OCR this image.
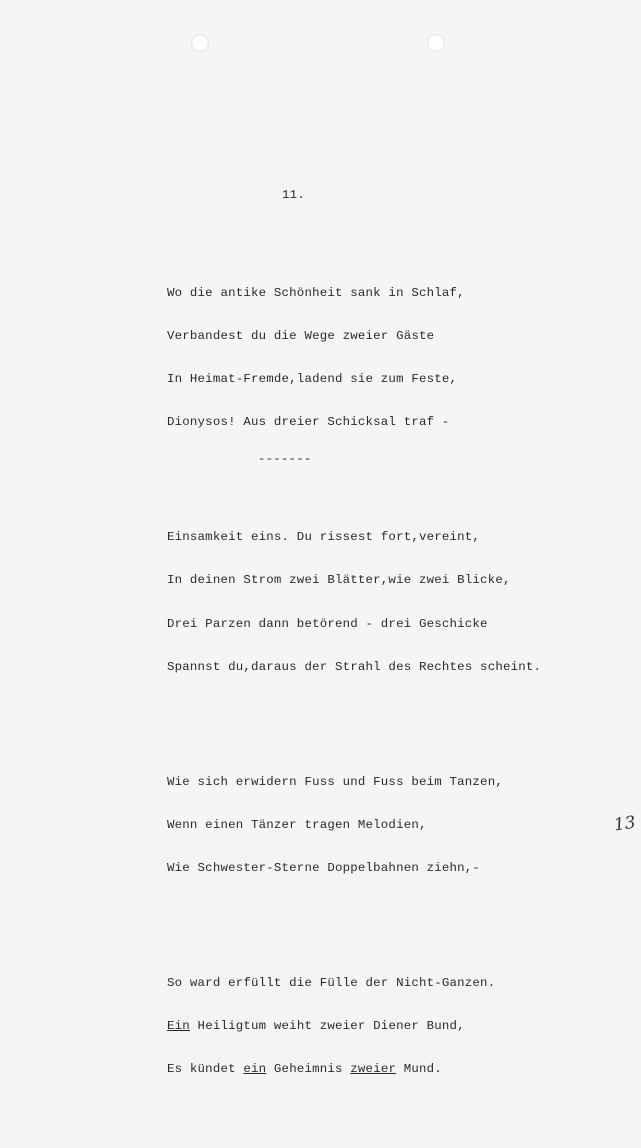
11.

Wo die antike Schönheit sank in Schlaf,

Verbandest du die Wege zweier Gäste

In Heimat-Fremde,ladend sie zum Feste,

Dionysos! Aus dreier Schicksal traf -

Einsamkeit eins. Du rissest fort,vereint,

In deinen Strom zwei Blätter,wie zwei Blicke,

Drei Parzen dann betörend - drei Geschicke

Spannst du,daraus der Strahl des Rechtes scheint.

Wie sich erwidern Fuss und Fuss beim Tanzen,

Wenn einen Tänzer tragen Melodien,

Wie Schwester-Sterne Doppelbahnen ziehn,-

So ward erfüllt die Fülle der Nicht-Ganzen.

Ein Heiligtum weiht zweier Diener Bund,

Es kündet ein Geheimnis zweier Mund.

-------
13
